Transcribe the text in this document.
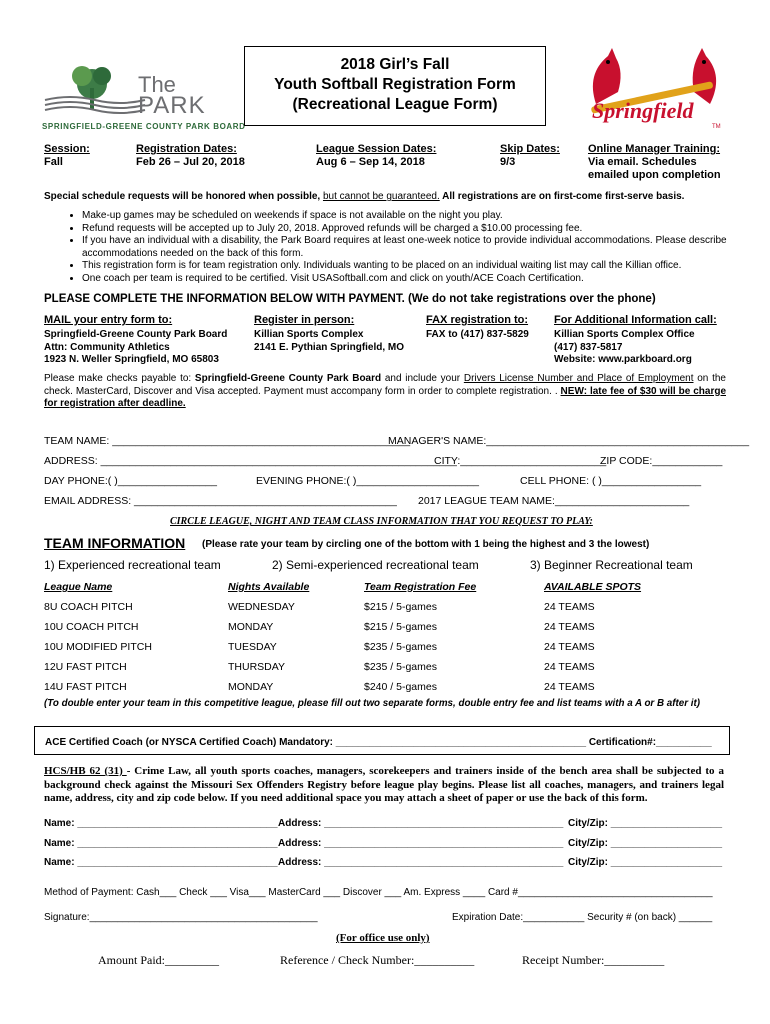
The
PARK
SPRINGFIELD-GREENE COUNTY PARK BOARD
2018 Girl’s Fall
Youth Softball Registration Form
(Recreational League Form)	Springfield
TM
Session:
Fall
Registration Dates:
Feb 26 – Jul 20, 2018
League Session Dates:
Aug 6 – Sep 14, 2018
Skip Dates:
9/3
Online Manager Training:
Via email. Schedules
emailed upon completion
Special schedule requests will be honored when possible, but cannot be guaranteed. All registrations are on first-come first-serve basis.
• Make-up games may be scheduled on weekends if space is not available on the night you play.
• Refund requests will be accepted up to July 20, 2018. Approved refunds will be charged a $10.00 processing fee.
• If you have an individual with a disability, the Park Board requires at least one-week notice to provide individual accommodations. Please describe accommodations needed on the back of this form.
• This registration form is for team registration only. Individuals wanting to be placed on an individual waiting list may call the Killian office.
• One coach per team is required to be certified. Visit USASoftball.com and click on youth/ACE Coach Certification.
PLEASE COMPLETE THE INFORMATION BELOW WITH PAYMENT. (We do not take registrations over the phone)
MAIL your entry form to:
Springfield-Greene County Park Board
Attn: Community Athletics
1923 N. Weller Springfield, MO 65803
Register in person:
Killian Sports Complex
2141 E. Pythian Springfield, MO
FAX registration to:
FAX to (417) 837-5829
For Additional Information call:
Killian Sports Complex Office
(417) 837-5817
Website: www.parkboard.org
Please make checks payable to: Springfield-Greene County Park Board and include your Drivers License Number and Place of Employment on the check. MasterCard, Discover and Visa accepted. Payment must accompany form in order to complete registration. . NEW: late fee of $30 will be charge for registration after deadline.
TEAM NAME: ___________________________________________________
MANAGER'S NAME:_____________________________________________
ADDRESS: _____________________________________________________________
CITY:_________________________
ZIP CODE:____________
DAY PHONE:( )_________________	EVENING PHONE:( )_____________________	CELL PHONE: ( )_________________
EMAIL ADDRESS: _____________________________________________ 2017 LEAGUE TEAM NAME:_______________________
CIRCLE LEAGUE, NIGHT AND TEAM CLASS INFORMATION THAT YOU REQUEST TO PLAY:
TEAM INFORMATION (Please rate your team by circling one of the bottom with 1 being the highest and 3 the lowest)
1) Experienced recreational team	2) Semi-experienced recreational team	3) Beginner Recreational team
League Name	Nights Available	Team Registration Fee	AVAILABLE SPOTS
8U COACH PITCH	WEDNESDAY	$215 / 5-games	24 TEAMS
10U COACH PITCH	MONDAY	$215 / 5-games	24 TEAMS
10U MODIFIED PITCH	TUESDAY	$235 / 5-games	24 TEAMS
12U FAST PITCH	THURSDAY	$235 / 5-games	24 TEAMS
14U FAST PITCH	MONDAY	$240 / 5-games	24 TEAMS
(To double enter your team in this competitive league, please fill out two separate forms, double entry fee and list teams with a A or B after it)
ACE Certified Coach (or NYSCA Certified Coach) Mandatory: _____________________________________________ Certification#:__________
HCS/HB 62 (31) - Crime Law, all youth sports coaches, managers, scorekeepers and trainers inside of the bench area shall be subjected to a background check against the Missouri Sex Offenders Registry before league play begins. Please list all coaches, managers, and trainers legal name, address, city and zip code below. If you need additional space you may attach a sheet of paper or use the back of this form.
Name: ____________________________________ Address: ___________________________________________ City/Zip: ____________________
Name: ____________________________________ Address: ___________________________________________ City/Zip: ____________________
Name: ____________________________________ Address: ___________________________________________ City/Zip: ____________________
Method of Payment: Cash___ Check ___ Visa___ MasterCard ___ Discover ___ Am. Express ____ Card #___________________________________
Signature:_________________________________________	Expiration Date:___________ Security # (on back) ______
(For office use only)
Amount Paid:_________	Reference / Check Number:__________	Receipt Number:__________
